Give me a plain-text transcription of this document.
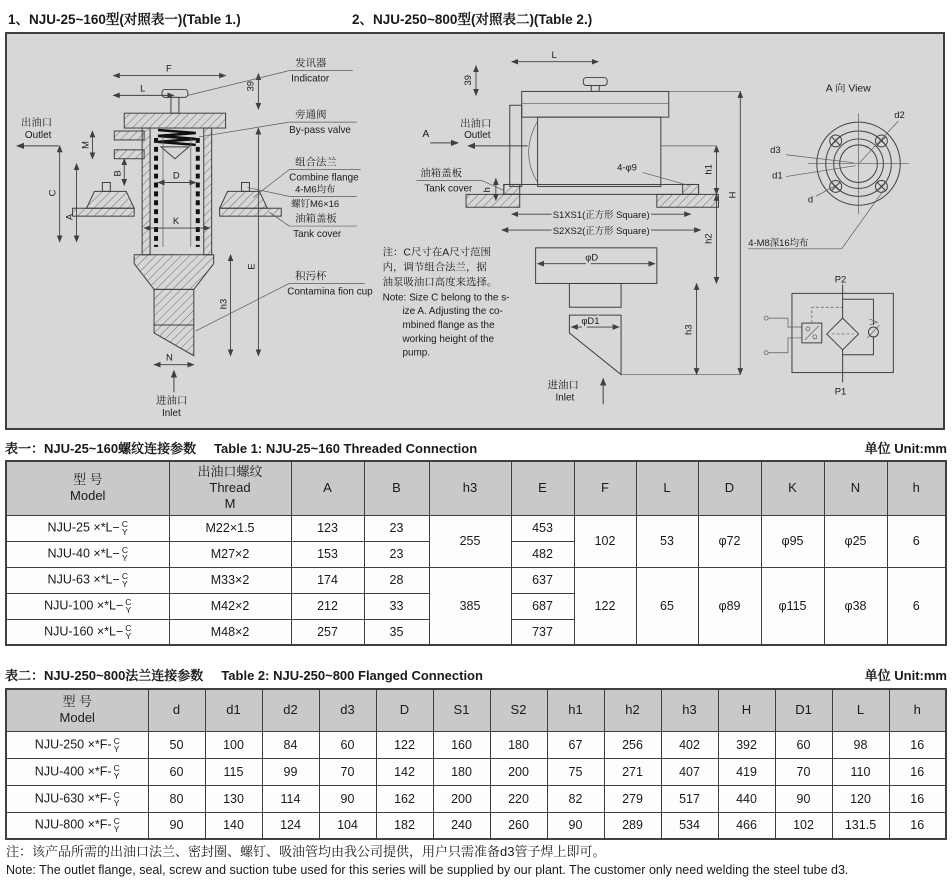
1、NJU-25~160型(对照表一)(Table 1.)	2、NJU-250~800型(对照表二)(Table 2.)
F
L	39
M
B
C
A
D
K
h3
E
N
出油口
Outlet
进油口
Inlet
发讯器
Indicator
旁通阀
By-pass valve
组合法兰
Combine flange
4-M6均布
螺钉M6×16
油箱盖板
Tank cover
积污杯
Contamina fion cup
注：C尺寸在A尺寸范围
内，调节组合法兰，据
油泵吸油口高度来选择。
Note: Size C belong to the s-
ize A. Adjusting the co-
mbined flange as the
working height of the
pump.
A
出油口
Outlet
油箱盖板
Tank cover h
4-φ9
S1XS1(正方形 Square)
S2XS2(正方形 Square)
φD
φD1
L
39
h1
h2
h3
H
进油口
Inlet
A 向 View
d2
d3
d1
d
4-M8深16均布
P2
P1
表一：NJU-25~160螺纹连接参数 Table 1: NJU-25~160 Threaded Connection	单位 Unit:mm
型 号
Model

出油口螺纹
Thread
M
	A	B	h3	E	F	L	D	K	N	h
NJU-25 ×*L− C
Y	M22×1.5	123	23	255	453	102	53	φ72	φ95	φ25	6
NJU-40 ×*L− C
Y	M27×2	153	23		482						
NJU-63 ×*L− C
Y	M33×2	174	28	385	637	122	65	φ89	φ115	φ38	6
NJU-100 ×*L− C
Y	M42×2	212	33		687						
NJU-160 ×*L− C
Y	M48×2	257	35		737						
表二：NJU-250~800法兰连接参数 Table 2: NJU-250~800 Flanged Connection	单位 Unit:mm
型 号
Model	d	d1	d2	d3	D	S1	S2	h1	h2	h3	H	D1	L	h
NJU-250 ×*F- C
Y	50	100	84	60	122	160	180	67	256	402	392	60	98	16
NJU-400 ×*F- C
Y	60	115	99	70	142	180	200	75	271	407	419	70	110	16
NJU-630 ×*F- C
Y	80	130	114	90	162	200	220	82	279	517	440	90	120	16
NJU-800 ×*F- C
Y	90	140	124	104	182	240	260	90	289	534	466	102	131.5	16
注：该产品所需的出油口法兰、密封圈、螺钉、吸油管均由我公司提供，用户只需准备d3管子焊上即可。
Note: The outlet flange, seal, screw and suction tube used for this series will be supplied by our plant. The customer only need welding the steel tube d3.
